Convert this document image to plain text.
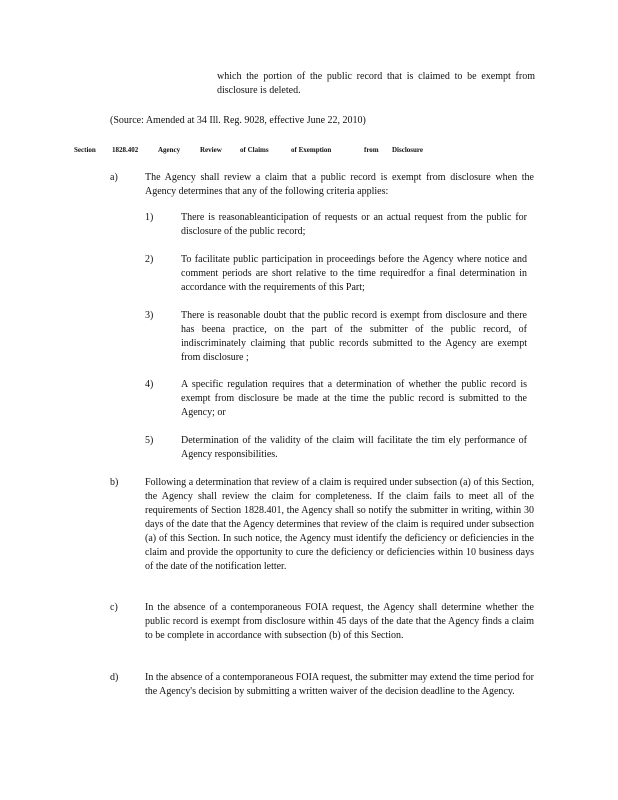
which the portion of the public record that is claimed to be exempt from disclosure is deleted.
(Source: Amended at 34 Ill. Reg. 9028, effective June 22, 2010)
Section 1828.402	Agency	Review	of Claims	of Exemption	from Disclosure
a)	The Agency shall review a claim that a public record is exempt from disclosure when the Agency determines that any of the following criteria applies:
1)	There is reasonableanticipation of requests or an actual request from the public for disclosure of the public record;
2)	To facilitate public participation in proceedings before the Agency where notice and comment periods are short relative to the time requiredfor a final determination in accordance with the requirements of this Part;
3)	There is reasonable doubt that the public record is exempt from disclosure and there has beena practice, on the part of the submitter of the public record, of indiscriminately claiming that public records submitted to the Agency are exempt from disclosure ;
4)	A specific regulation requires that a determination of whether the public record is exempt from disclosure be made at the time the public record is submitted to the Agency; or
5)	Determination of the validity of the claim will facilitate the tim ely performance of Agency responsibilities.
b)	Following a determination that review of a claim is required under subsection (a) of this Section, the Agency shall review the claim for completeness. If the claim fails to meet all of the requirements of Section 1828.401, the Agency shall so notify the submitter in writing, within 30 days of the date that the Agency determines that review of the claim is required under subsection (a) of this Section. In such notice, the Agency must identify the deficiency or deficiencies in the claim and provide the opportunity to cure the deficiency or deficiencies within 10 business days of the date of the notification letter.
c)	In the absence of a contemporaneous FOIA request, the Agency shall determine whether the public record is exempt from disclosure within 45 days of the date that the Agency finds a claim to be complete in accordance with subsection (b) of this Section.
d)	In the absence of a contemporaneous FOIA request, the submitter may extend the time period for the Agency's decision by submitting a written waiver of the decision deadline to the Agency.
